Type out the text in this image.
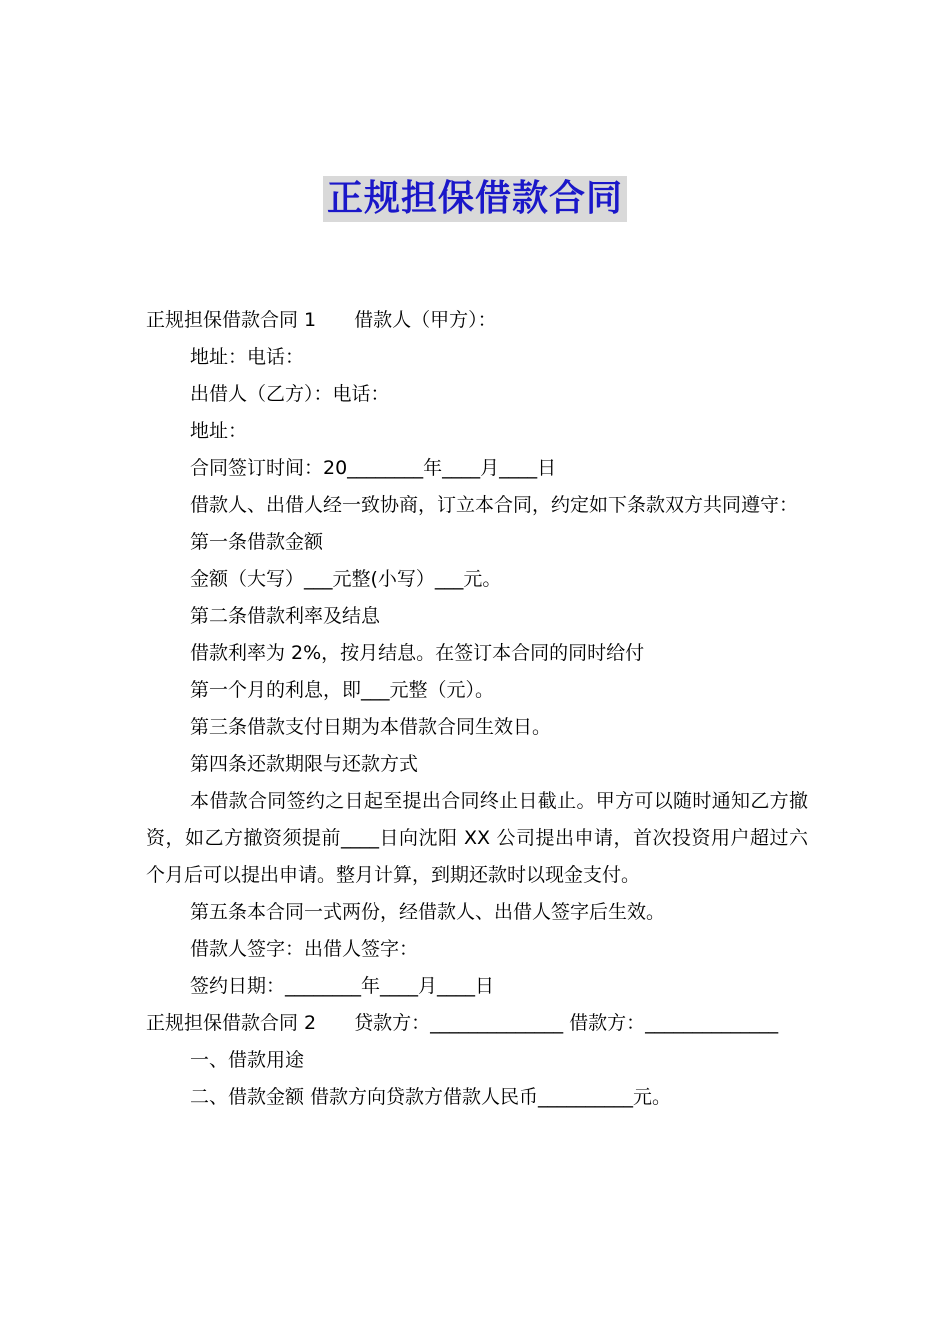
正规担保借款合同

正规担保借款合同 1　　借款人（甲方）：

地址：电话：

出借人（乙方）：电话：

地址：

合同签订时间：20________年____月____日

借款人、出借人经一致协商，订立本合同，约定如下条款双方共同遵守：

第一条借款金额

金额（大写）___元整(小写）___元。

第二条借款利率及结息

借款利率为 2%，按月结息。在签订本合同的同时给付

第一个月的利息，即___元整（元）。

第三条借款支付日期为本借款合同生效日。

第四条还款期限与还款方式

本借款合同签约之日起至提出合同终止日截止。甲方可以随时通知乙方撤资，如乙方撤资须提前____日向沈阳 XX 公司提出申请，首次投资用户超过六个月后可以提出申请。整月计算，到期还款时以现金支付。

第五条本合同一式两份，经借款人、出借人签字后生效。

借款人签字：出借人签字：

签约日期：________年____月____日

正规担保借款合同 2　　贷款方：______________ 借款方：______________

一、借款用途

二、借款金额 借款方向贷款方借款人民币__________元。
